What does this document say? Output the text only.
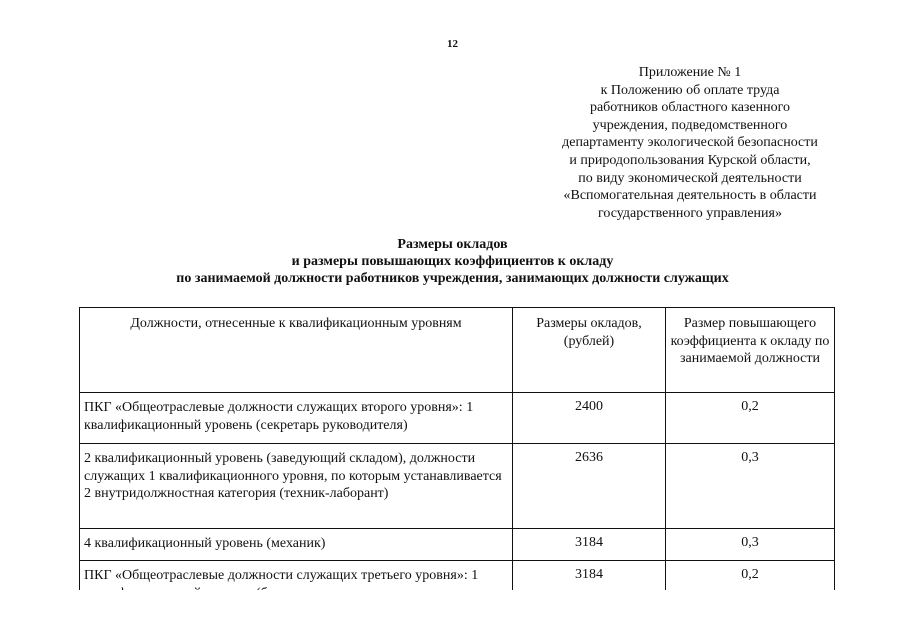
12
Приложение № 1
к Положению об оплате труда
работников областного казенного
учреждения, подведомственного
департаменту экологической безопасности
и природопользования Курской области,
по виду экономической деятельности
«Вспомогательная деятельность в области
государственного управления»
Размеры окладов
и размеры повышающих коэффициентов к окладу
по занимаемой должности работников учреждения, занимающих должности служащих
Должности, отнесенные к квалификационным уровням	Размеры окладов, (рублей)	Размер повышающего коэффициента к окладу по занимаемой должности
ПКГ «Общеотраслевые должности служащих второго уровня»: 1 квалификационный уровень (секретарь руководителя)	2400	0,2
2 квалификационный уровень (заведующий складом), должности служащих 1 квалификационного уровня, по которым устанавливается 2 внутридолжностная категория (техник-лаборант)	2636	0,3
4 квалификационный уровень (механик)	3184	0,3
ПКГ «Общеотраслевые должности служащих третьего уровня»: 1	3184	0,2
